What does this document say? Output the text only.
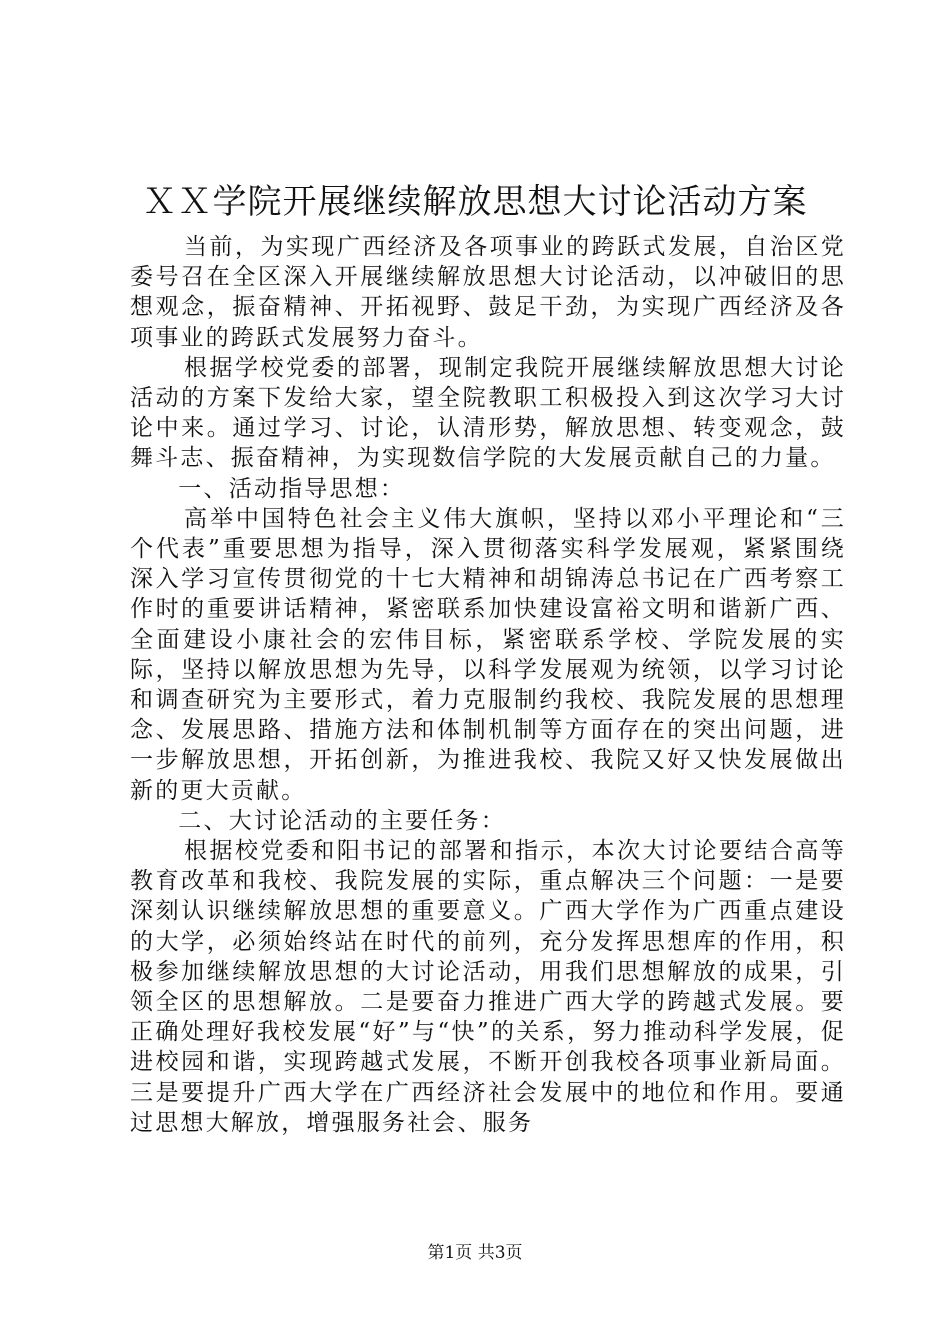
ＸＸ学院开展继续解放思想大讨论活动方案

当前，为实现广西经济及各项事业的跨跃式发展，自治区党委号召在全区深入开展继续解放思想大讨论活动，以冲破旧的思想观念，振奋精神、开拓视野、鼓足干劲，为实现广西经济及各项事业的跨跃式发展努力奋斗。

根据学校党委的部署，现制定我院开展继续解放思想大讨论活动的方案下发给大家，望全院教职工积极投入到这次学习大讨论中来。通过学习、讨论，认清形势，解放思想、转变观念，鼓舞斗志、振奋精神，为实现数信学院的大发展贡献自己的力量。

一、活动指导思想：

高举中国特色社会主义伟大旗帜，坚持以邓小平理论和“三个代表”重要思想为指导，深入贯彻落实科学发展观，紧紧围绕深入学习宣传贯彻党的十七大精神和胡锦涛总书记在广西考察工作时的重要讲话精神，紧密联系加快建设富裕文明和谐新广西、全面建设小康社会的宏伟目标，紧密联系学校、学院发展的实际，坚持以解放思想为先导，以科学发展观为统领，以学习讨论和调查研究为主要形式，着力克服制约我校、我院发展的思想理念、发展思路、措施方法和体制机制等方面存在的突出问题，进一步解放思想，开拓创新，为推进我校、我院又好又快发展做出新的更大贡献。

二、大讨论活动的主要任务：

根据校党委和阳书记的部署和指示，本次大讨论要结合高等教育改革和我校、我院发展的实际，重点解决三个问题：一是要深刻认识继续解放思想的重要意义。广西大学作为广西重点建设的大学，必须始终站在时代的前列，充分发挥思想库的作用，积极参加继续解放思想的大讨论活动，用我们思想解放的成果，引领全区的思想解放。二是要奋力推进广西大学的跨越式发展。要正确处理好我校发展“好”与“快”的关系，努力推动科学发展，促进校园和谐，实现跨越式发展，不断开创我校各项事业新局面。三是要提升广西大学在广西经济社会发展中的地位和作用。要通过思想大解放，增强服务社会、服务

第1页 共3页
